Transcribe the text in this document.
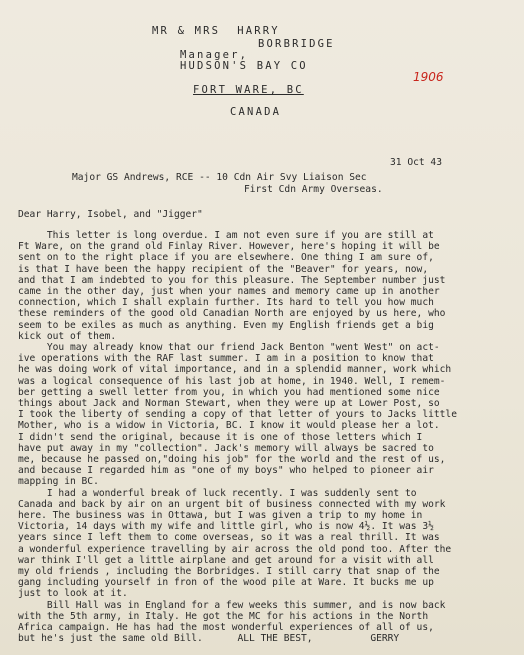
MR & MRS  HARRY
BORBRIDGE
Manager,
HUDSON'S BAY CO
FORT WARE, BC
CANADA
1906
31 Oct 43
Major GS Andrews, RCE -- 10 Cdn Air Svy Liaison Sec
First Cdn Army Overseas.
Dear Harry, Isobel, and "Jigger"
This letter is long overdue. I am not even sure if you are still at
Ft Ware, on the grand old Finlay River. However, here's hoping it will be
sent on to the right place if you are elsewhere. One thing I am sure of,
is that I have been the happy recipient of the "Beaver" for years, now,
and that I am indebted to you for this pleasure. The September number just
came in the other day, just when your names and memory came up in another
connection, which I shall explain further. Its hard to tell you how much
these reminders of the good old Canadian North are enjoyed by us here, who
seem to be exiles as much as anything. Even my English friends get a big
kick out of them.
You may already know that our friend Jack Benton "went West" on act-
ive operations with the RAF last summer. I am in a position to know that
he was doing work of vital importance, and in a splendid manner, work which
was a logical consequence of his last job at home, in 1940. Well, I remem-
ber getting a swell letter from you, in which you had mentioned some nice
things about Jack and Norman Stewart, when they were up at Lower Post, so
I took the liberty of sending a copy of that letter of yours to Jacks little
Mother, who is a widow in Victoria, BC. I know it would please her a lot.
I didn't send the original, because it is one of those letters which I
have put away in my "collection". Jack's memory will always be sacred to
me, because he passed on,"doing his job" for the world and the rest of us,
and because I regarded him as "one of my boys" who helped to pioneer air
mapping in BC.
I had a wonderful break of luck recently. I was suddenly sent to
Canada and back by air on an urgent bit of business connected with my work
here. The business was in Ottawa, but I was given a trip to my home in
Victoria, 14 days with my wife and little girl, who is now 4½. It was 3½
years since I left them to come overseas, so it was a real thrill. It was
a wonderful experience travelling by air across the old pond too. After the
war think I'll get a little airplane and get around for a visit with all
my old friends , including the Borbridges. I still carry that snap of the
gang including yourself in fron of the wood pile at Ware. It bucks me up
just to look at it.
Bill Hall was in England for a few weeks this summer, and is now back
with the 5th army, in Italy. He got the MC for his actions in the North
Africa campaign. He has had the most wonderful experiences of all of us,
but he's just the same old Bill.      ALL THE BEST,          GERRY
